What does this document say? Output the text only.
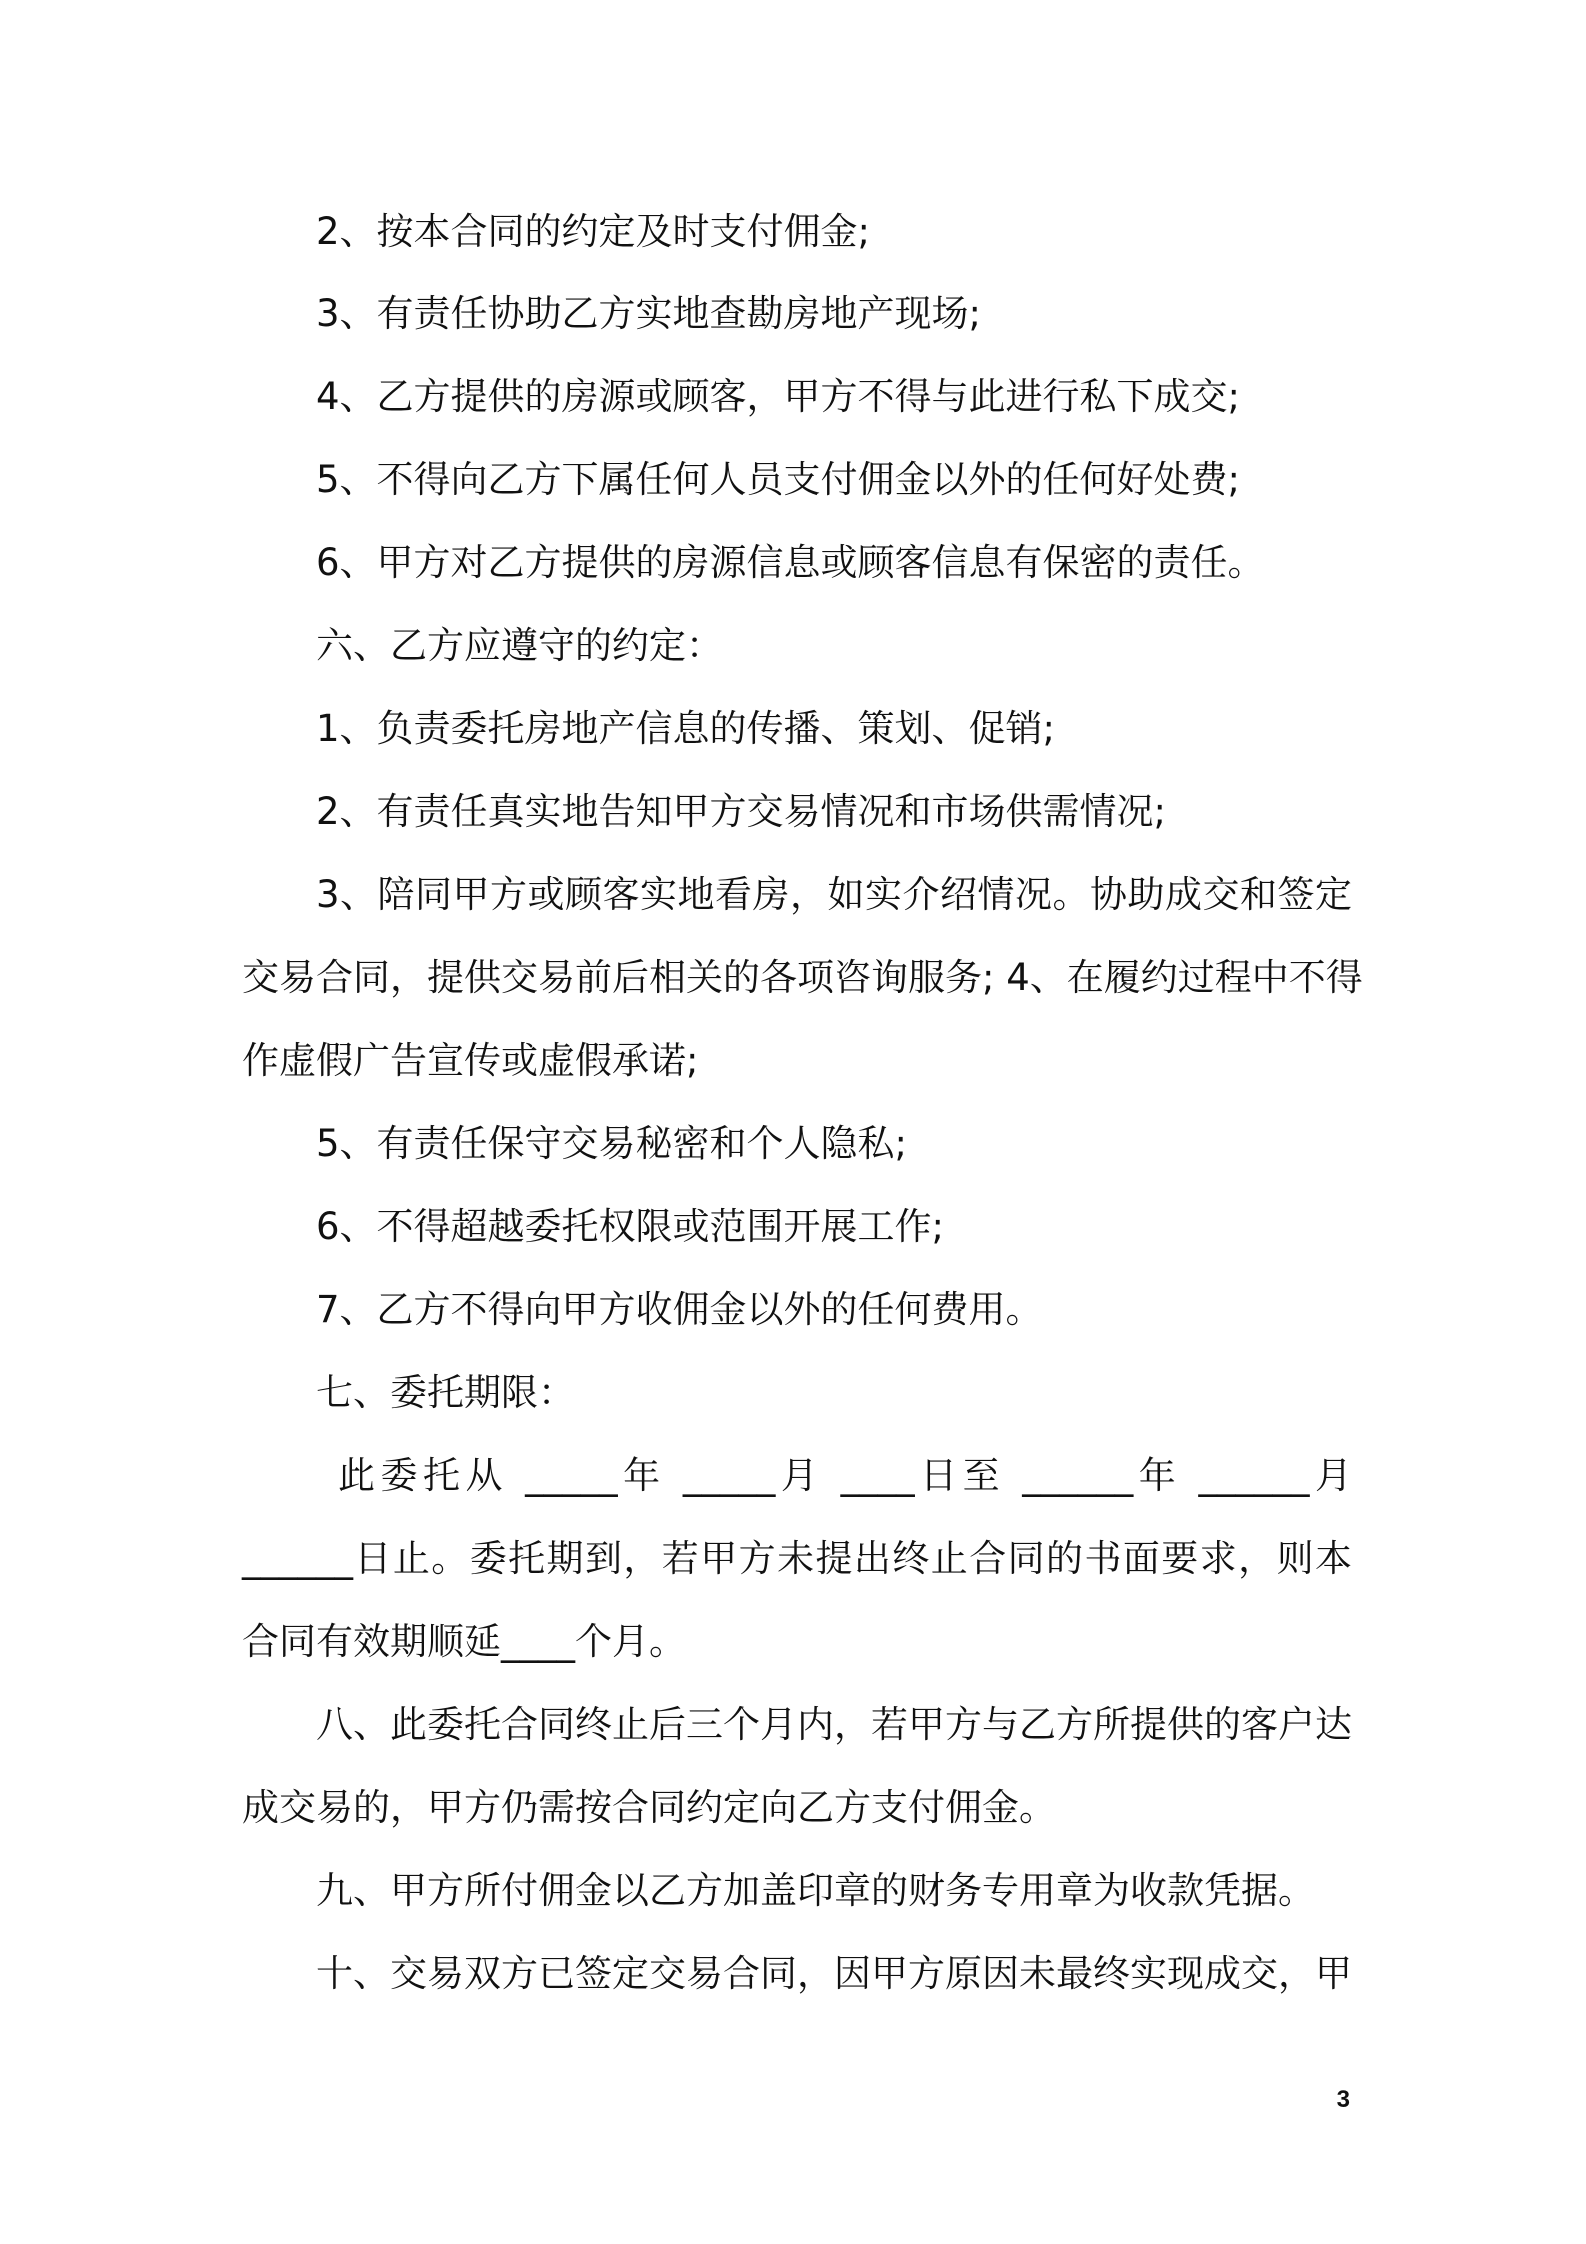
2、按本合同的约定及时支付佣金;
3、有责任协助乙方实地查勘房地产现场;
4、乙方提供的房源或顾客，甲方不得与此进行私下成交;
5、不得向乙方下属任何人员支付佣金以外的任何好处费;
6、甲方对乙方提供的房源信息或顾客信息有保密的责任。
六、乙方应遵守的约定：
1、负责委托房地产信息的传播、策划、促销;
2、有责任真实地告知甲方交易情况和市场供需情况;
3、陪同甲方或顾客实地看房，如实介绍情况。协助成交和签定
交易合同，提供交易前后相关的各项咨询服务; 4、在履约过程中不得
作虚假广告宣传或虚假承诺;
5、有责任保守交易秘密和个人隐私;
6、不得超越委托权限或范围开展工作;
7、乙方不得向甲方收佣金以外的任何费用。
七、委托期限：
此委托从 _____年 _____月 ____日至 ______年 ______月
______日止。委托期到，若甲方未提出终止合同的书面要求，则本
合同有效期顺延____个月。
八、此委托合同终止后三个月内，若甲方与乙方所提供的客户达
成交易的，甲方仍需按合同约定向乙方支付佣金。
九、甲方所付佣金以乙方加盖印章的财务专用章为收款凭据。
十、交易双方已签定交易合同，因甲方原因未最终实现成交，甲
3
